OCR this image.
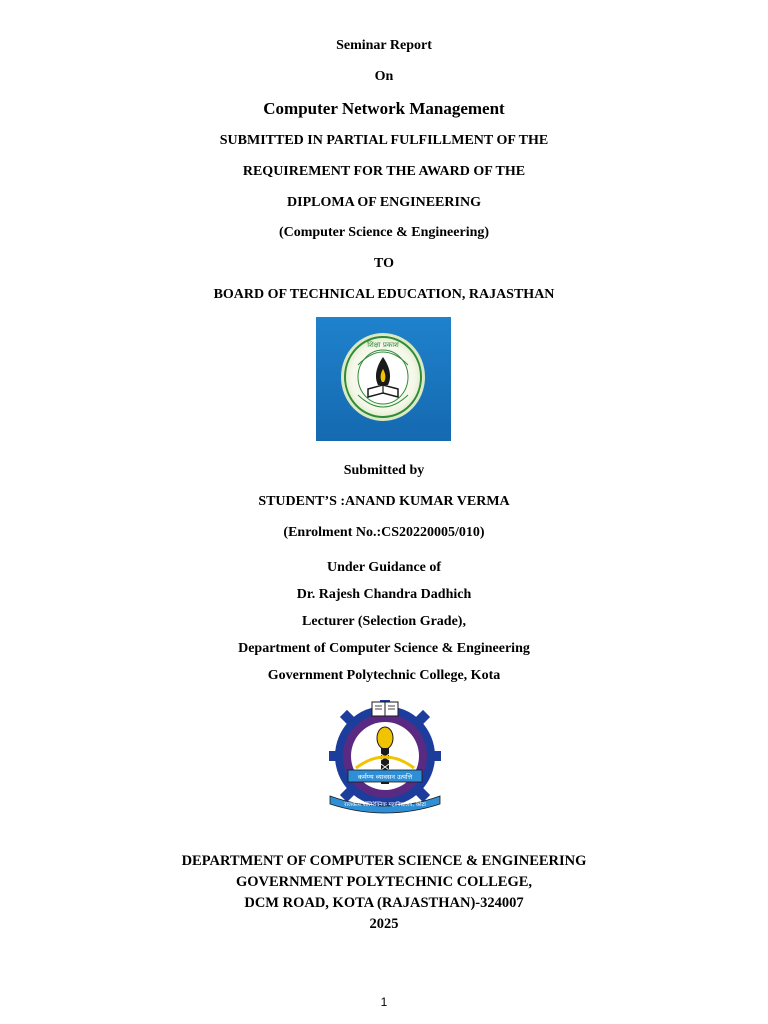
Seminar Report
On
Computer Network Management
SUBMITTED IN PARTIAL FULFILLMENT OF THE
REQUIREMENT FOR THE AWARD OF THE
DIPLOMA OF ENGINEERING
(Computer Science & Engineering)
TO
BOARD OF TECHNICAL EDUCATION, RAJASTHAN
शिक्षा प्रकाश
Submitted by
STUDENT’S :ANAND KUMAR VERMA
(Enrolment No.:CS20220005/010)
Under Guidance of
Dr. Rajesh Chandra Dadhich
Lecturer (Selection Grade),
Department of Computer Science & Engineering
Government Polytechnic College, Kota
कर्मण्य व्यावसन उत्पत्ति
राजकीय पॉलिटेक्निक महाविद्यालय, कोटा
DEPARTMENT OF COMPUTER SCIENCE & ENGINEERING
GOVERNMENT POLYTECHNIC COLLEGE,
DCM ROAD, KOTA (RAJASTHAN)-324007
2025
1
